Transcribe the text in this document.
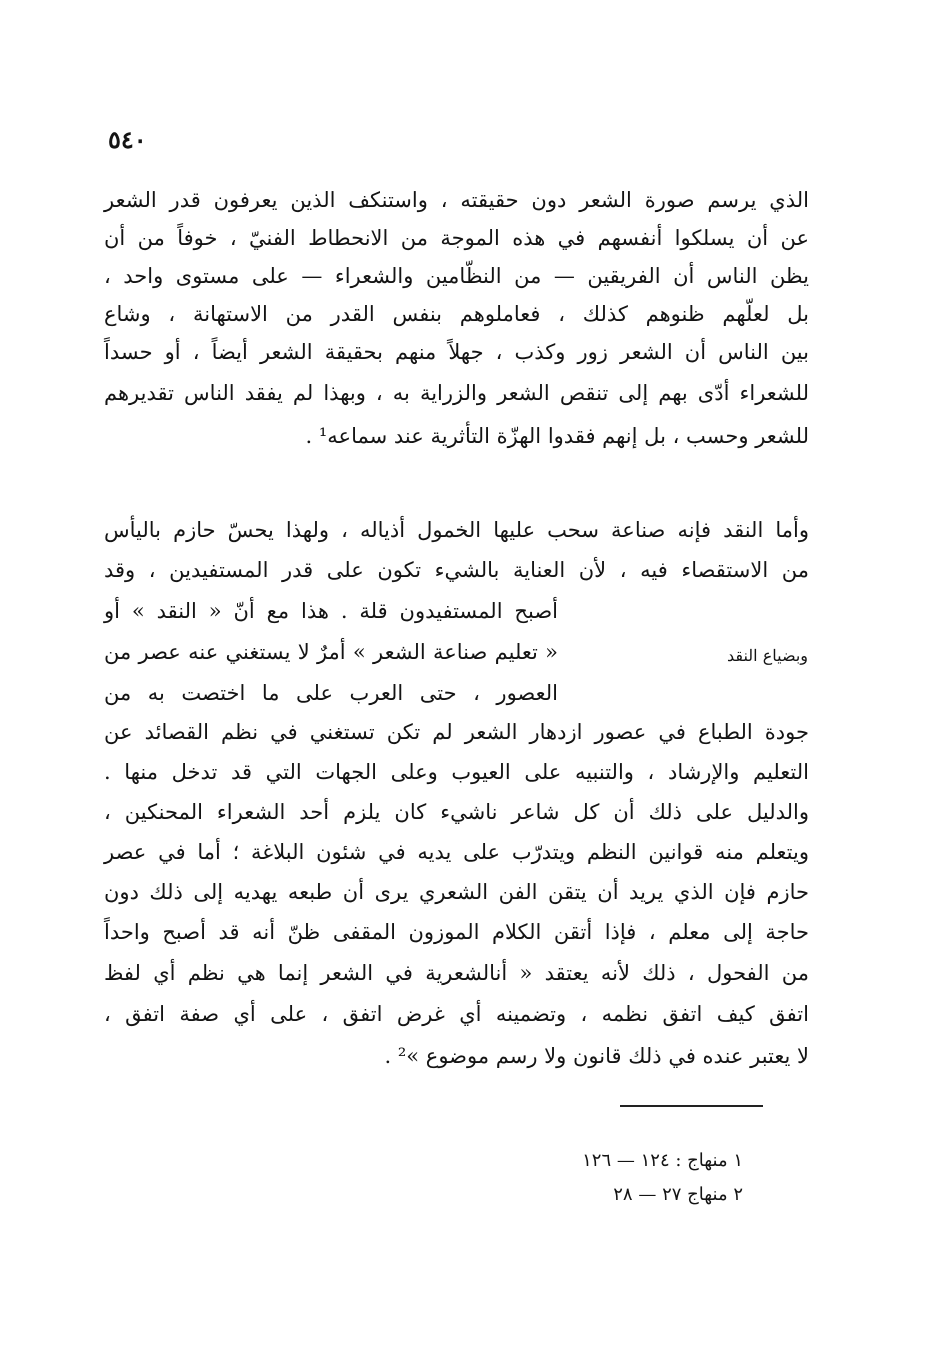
٥٤٠
الذي يرسم صورة الشعر دون حقيقته ، واستنكف الذين يعرفون قدر الشعر
عن أن يسلكوا أنفسهم في هذه الموجة من الانحطاط الفنيّ ، خوفاً من أن
يظن الناس أن الفريقين — من النظّامين والشعراء — على مستوى واحد ،
بل لعلّهم ظنوهم كذلك ، فعاملوهم بنفس القدر من الاستهانة ، وشاع
بين الناس أن الشعر زور وكذب ، جهلاً منهم بحقيقة الشعر أيضاً ، أو حسداً
للشعراء أدّى بهم إلى تنقص الشعر والزراية به ، وبهذا لم يفقد الناس تقديرهم
للشعر وحسب ، بل إنهم فقدوا الهزّة التأثرية عند سماعه¹ .
وأما النقد فإنه صناعة سحب عليها الخمول أذياله ، ولهذا يحسّ حازم باليأس
من الاستقصاء فيه ، لأن العناية بالشيء تكون على قدر المستفيدين ، وقد
أصبح المستفيدون قلة . هذا مع أنّ « النقد » أو
« تعليم صناعة الشعر » أمرٌ لا يستغني عنه عصر من
العصور ، حتى العرب على ما اختصت به من
جودة الطباع في عصور ازدهار الشعر لم تكن تستغني في نظم القصائد عن
التعليم والإرشاد ، والتنبيه على العيوب وعلى الجهات التي قد تدخل منها .
والدليل على ذلك أن كل شاعر ناشيء كان يلزم أحد الشعراء المحنكين ،
ويتعلم منه قوانين النظم ويتدرّب على يديه في شئون البلاغة ؛ أما في عصر
حازم فإن الذي يريد أن يتقن الفن الشعري يرى أن طبعه يهديه إلى ذلك دون
حاجة إلى معلم ، فإذا أتقن الكلام الموزون المقفى ظنّ أنه قد أصبح واحداً
من الفحول ، ذلك لأنه يعتقد « أنالشعرية في الشعر إنما هي نظم أي لفظ
اتفق كيف اتفق نظمه ، وتضمينه أي غرض اتفق ، على أي صفة اتفق ،
لا يعتبر عنده في ذلك قانون ولا رسم موضوع »² .
وبضياع النقد
١ منهاج : ١٢٤ — ١٢٦
٢ منهاج ٢٧ — ٢٨
